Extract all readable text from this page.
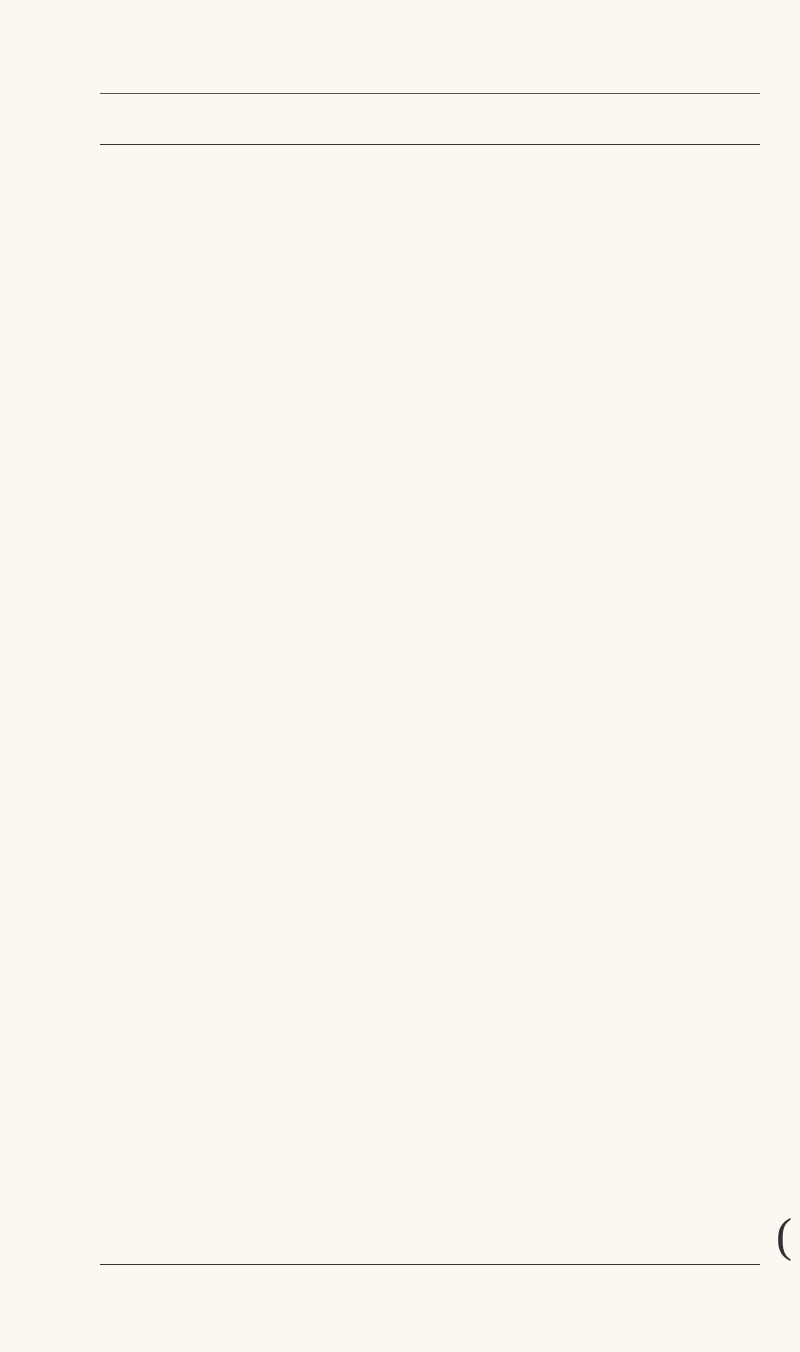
(
